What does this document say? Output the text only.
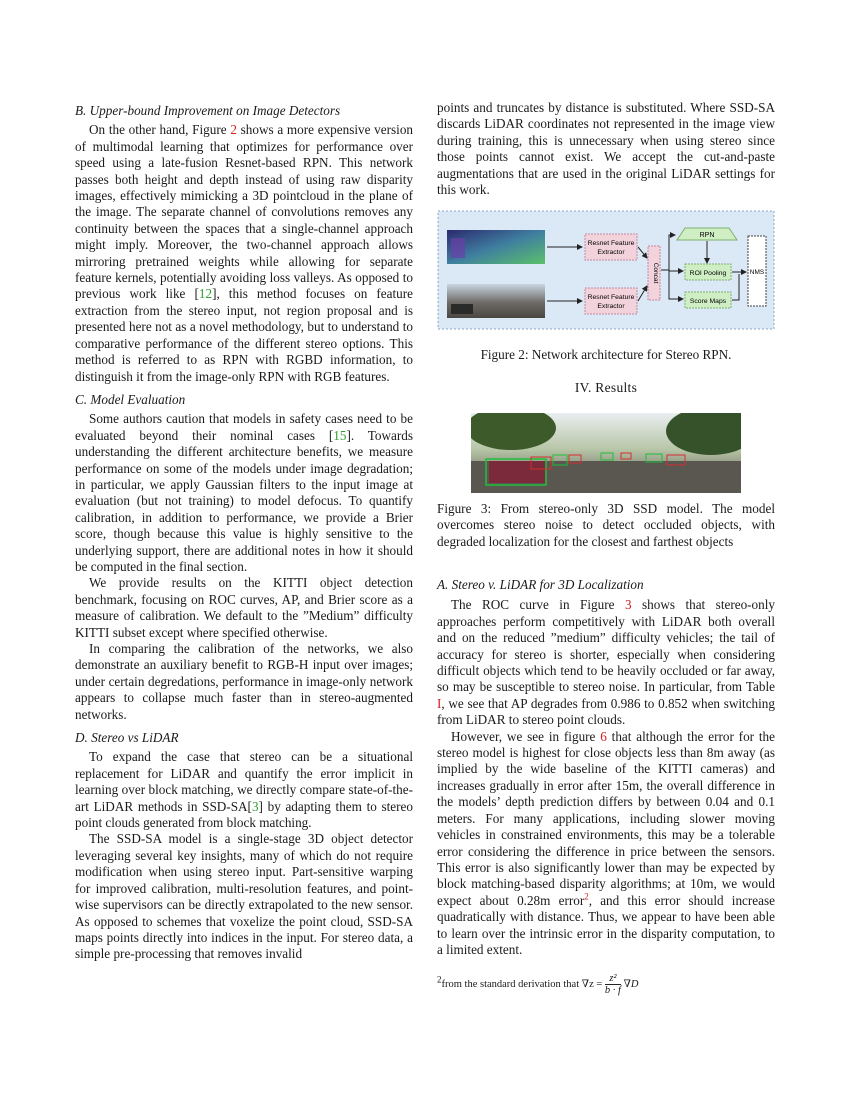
B. Upper-bound Improvement on Image Detectors

On the other hand, Figure 2 shows a more expensive version of multimodal learning that optimizes for performance over speed using a late-fusion Resnet-based RPN. This network passes both height and depth instead of using raw disparity images, effectively mimicking a 3D pointcloud in the plane of the image. The separate channel of convolutions removes any continuity between the spaces that a single-channel approach might imply. Moreover, the two-channel approach allows mirroring pretrained weights while allowing for separate feature kernels, potentially avoiding loss valleys. As opposed to previous work like [12], this method focuses on feature extraction from the stereo input, not region proposal and is presented here not as a novel methodology, but to understand to comparative performance of the different stereo options. This method is referred to as RPN with RGBD information, to distinguish it from the image-only RPN with RGB features.

C. Model Evaluation

Some authors caution that models in safety cases need to be evaluated beyond their nominal cases [15]. Towards understanding the different architecture benefits, we measure performance on some of the models under image degradation; in particular, we apply Gaussian filters to the input image at evaluation (but not training) to model defocus. To quantify calibration, in addition to performance, we provide a Brier score, though because this value is highly sensitive to the underlying support, there are additional notes in how it should be computed in the final section.

We provide results on the KITTI object detection benchmark, focusing on ROC curves, AP, and Brier score as a measure of calibration. We default to the ”Medium” difficulty KITTI subset except where specified otherwise.

In comparing the calibration of the networks, we also demonstrate an auxiliary benefit to RGB-H input over images; under certain degredations, performance in image-only network appears to collapse much faster than in stereo-augmented networks.

D. Stereo vs LiDAR

To expand the case that stereo can be a situational replacement for LiDAR and quantify the error implicit in learning over block matching, we directly compare state-of-the-art LiDAR methods in SSD-SA[3] by adapting them to stereo point clouds generated from block matching.

The SSD-SA model is a single-stage 3D object detector leveraging several key insights, many of which do not require modification when using stereo input. Part-sensitive warping for improved calibration, multi-resolution features, and point-wise supervisors can be directly extrapolated to the new sensor. As opposed to schemes that voxelize the point cloud, SSD-SA maps points directly into indices in the input. For stereo data, a simple pre-processing that removes invalid

points and truncates by distance is substituted. Where SSD-SA discards LiDAR coordinates not represented in the image view during training, this is unnecessary when using stereo since those points cannot exist. We accept the cut-and-paste augmentations that are used in the original LiDAR settings for this work.

Resnet Feature
Extractor
Resnet Feature
Extractor
Concat
RPN
ROI Pooling
Score Maps
NMS
Figure 2: Network architecture for Stereo RPN.
IV. Results
Figure 3: From stereo-only 3D SSD model. The model overcomes stereo noise to detect occluded objects, with degraded localization for the closest and farthest objects

A. Stereo v. LiDAR for 3D Localization

The ROC curve in Figure 3 shows that stereo-only approaches perform competitively with LiDAR both overall and on the reduced ”medium” difficulty vehicles; the tail of accuracy for stereo is shorter, especially when considering difficult objects which tend to be heavily occluded or far away, so may be susceptible to stereo noise. In particular, from Table I, we see that AP degrades from 0.986 to 0.852 when switching from LiDAR to stereo point clouds.

However, we see in figure 6 that although the error for the stereo model is highest for close objects less than 8m away (as implied by the wide baseline of the KITTI cameras) and increases gradually in error after 15m, the overall difference in the models’ depth prediction differs by between 0.04 and 0.1 meters. For many applications, including slower moving vehicles in constrained environments, this may be a tolerable error considering the difference in price between the sensors. This error is also significantly lower than may be expected by block matching-based disparity algorithms; at 10m, we would expect about 0.28m error$^2$, and this error should increase quadratically with distance. Thus, we appear to have been able to learn over the intrinsic error in the disparity computation, to a limited extent.

$^2$from the standard derivation that $\nabla z = \frac{\text{z²}}{b \cdot f} \nabla D$
